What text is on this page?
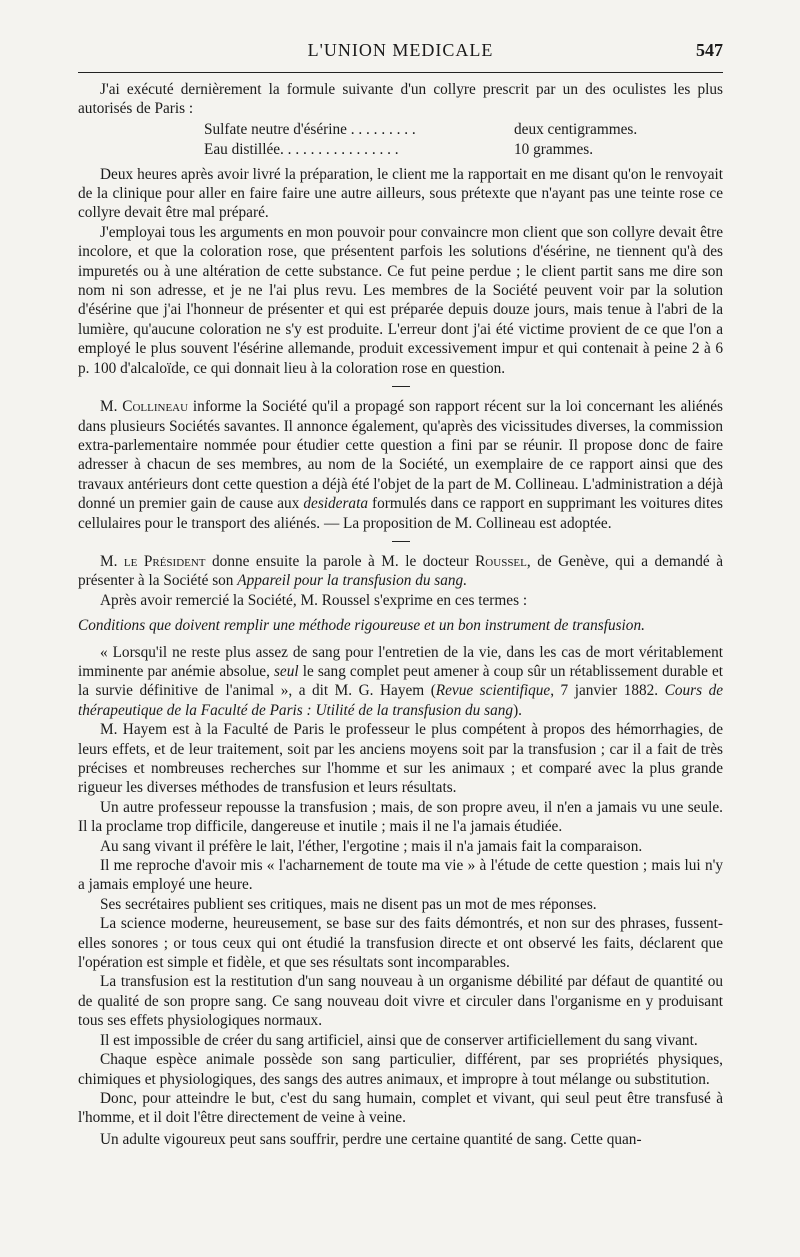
L'UNION MEDICALE	547

J'ai exécuté dernièrement la formule suivante d'un collyre prescrit par un des oculistes les plus autorisés de Paris :

Sulfate neutre d'ésérine . . . . . . . . .	deux centigrammes.
Eau distillée. . . . . . . . . . . . . . . .	10 grammes.

Deux heures après avoir livré la préparation, le client me la rapportait en me disant qu'on le renvoyait de la clinique pour aller en faire faire une autre ailleurs, sous prétexte que n'ayant pas une teinte rose ce collyre devait être mal préparé.

J'employai tous les arguments en mon pouvoir pour convaincre mon client que son collyre devait être incolore, et que la coloration rose, que présentent parfois les solutions d'ésérine, ne tiennent qu'à des impuretés ou à une altération de cette substance. Ce fut peine perdue ; le client partit sans me dire son nom ni son adresse, et je ne l'ai plus revu. Les membres de la Société peuvent voir par la solution d'ésérine que j'ai l'honneur de présenter et qui est préparée depuis douze jours, mais tenue à l'abri de la lumière, qu'aucune coloration ne s'y est produite. L'erreur dont j'ai été victime provient de ce que l'on a employé le plus souvent l'ésérine allemande, produit excessivement impur et qui contenait à peine 2 à 6 p. 100 d'alcaloïde, ce qui donnait lieu à la coloration rose en question.

M. Collineau informe la Société qu'il a propagé son rapport récent sur la loi concernant les aliénés dans plusieurs Sociétés savantes. Il annonce également, qu'après des vicissitudes diverses, la commission extra-parlementaire nommée pour étudier cette question a fini par se réunir. Il propose donc de faire adresser à chacun de ses membres, au nom de la Société, un exemplaire de ce rapport ainsi que des travaux antérieurs dont cette question a déjà été l'objet de la part de M. Collineau. L'administration a déjà donné un premier gain de cause aux desiderata formulés dans ce rapport en supprimant les voitures dites cellulaires pour le transport des aliénés. — La proposition de M. Collineau est adoptée.

M. le Président donne ensuite la parole à M. le docteur Roussel, de Genève, qui a demandé à présenter à la Société son Appareil pour la transfusion du sang.

Après avoir remercié la Société, M. Roussel s'exprime en ces termes :

Conditions que doivent remplir une méthode rigoureuse et un bon instrument de transfusion.

« Lorsqu'il ne reste plus assez de sang pour l'entretien de la vie, dans les cas de mort véritablement imminente par anémie absolue, seul le sang complet peut amener à coup sûr un rétablissement durable et la survie définitive de l'animal », a dit M. G. Hayem (Revue scientifique, 7 janvier 1882. Cours de thérapeutique de la Faculté de Paris : Utilité de la transfusion du sang).

M. Hayem est à la Faculté de Paris le professeur le plus compétent à propos des hémorrhagies, de leurs effets, et de leur traitement, soit par les anciens moyens soit par la transfusion ; car il a fait de très précises et nombreuses recherches sur l'homme et sur les animaux ; et comparé avec la plus grande rigueur les diverses méthodes de transfusion et leurs résultats.

Un autre professeur repousse la transfusion ; mais, de son propre aveu, il n'en a jamais vu une seule. Il la proclame trop difficile, dangereuse et inutile ; mais il ne l'a jamais étudiée.

Au sang vivant il préfère le lait, l'éther, l'ergotine ; mais il n'a jamais fait la comparaison.

Il me reproche d'avoir mis « l'acharnement de toute ma vie » à l'étude de cette question ; mais lui n'y a jamais employé une heure.

Ses secrétaires publient ses critiques, mais ne disent pas un mot de mes réponses.

La science moderne, heureusement, se base sur des faits démontrés, et non sur des phrases, fussent-elles sonores ; or tous ceux qui ont étudié la transfusion directe et ont observé les faits, déclarent que l'opération est simple et fidèle, et que ses résultats sont incomparables.

La transfusion est la restitution d'un sang nouveau à un organisme débilité par défaut de quantité ou de qualité de son propre sang. Ce sang nouveau doit vivre et circuler dans l'organisme en y produisant tous ses effets physiologiques normaux.

Il est impossible de créer du sang artificiel, ainsi que de conserver artificiellement du sang vivant.

Chaque espèce animale possède son sang particulier, différent, par ses propriétés physiques, chimiques et physiologiques, des sangs des autres animaux, et impropre à tout mélange ou substitution.

Donc, pour atteindre le but, c'est du sang humain, complet et vivant, qui seul peut être transfusé à l'homme, et il doit l'être directement de veine à veine.

Un adulte vigoureux peut sans souffrir, perdre une certaine quantité de sang. Cette quan-
